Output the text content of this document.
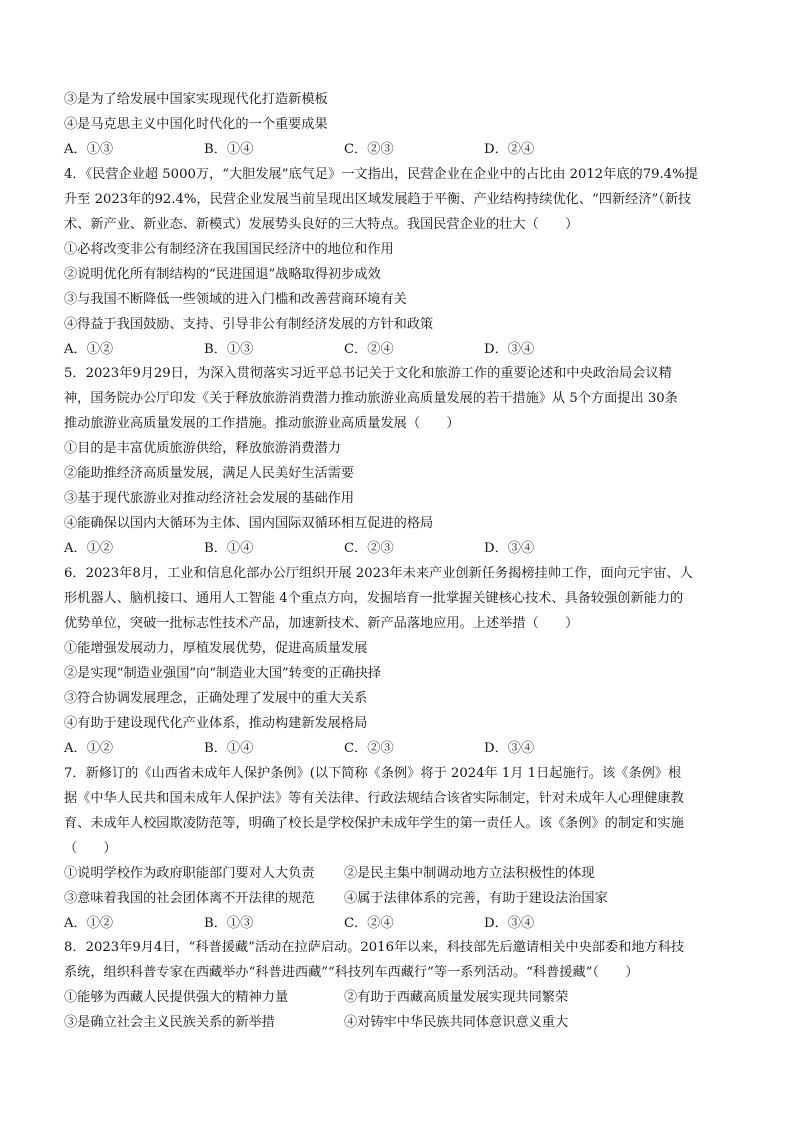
③是为了给发展中国家实现现代化打造新模板
④是马克思主义中国化时代化的一个重要成果
A．①③	B．①④	C．②③	D．②④
4．《民营企业超 5000万，“大胆发展”底气足》一文指出，民营企业在企业中的占比由 2012年底的79.4%提
升至 2023年的92.4%，民营企业发展当前呈现出区域发展趋于平衡、产业结构持续优化、“四新经济”（新技
术、新产业、新业态、新模式）发展势头良好的三大特点。我国民营企业的壮大（　　）
①必将改变非公有制经济在我国国民经济中的地位和作用
②说明优化所有制结构的“民进国退”战略取得初步成效
③与我国不断降低一些领域的进入门槛和改善营商环境有关
④得益于我国鼓励、支持、引导非公有制经济发展的方针和政策
A．①②	B．①③	C．②④	D．③④
5．2023年9月29日，为深入贯彻落实习近平总书记关于文化和旅游工作的重要论述和中央政治局会议精
神，国务院办公厅印发《关于释放旅游消费潜力推动旅游业高质量发展的若干措施》从 5个方面提出 30条
推动旅游业高质量发展的工作措施。推动旅游业高质量发展（　　）
①目的是丰富优质旅游供给，释放旅游消费潜力
②能助推经济高质量发展，满足人民美好生活需要
③基于现代旅游业对推动经济社会发展的基础作用
④能确保以国内大循环为主体、国内国际双循环相互促进的格局
A．①②	B．①④	C．②③	D．③④
6．2023年8月，工业和信息化部办公厅组织开展 2023年未来产业创新任务揭榜挂帅工作，面向元宇宙、人
形机器人、脑机接口、通用人工智能 4个重点方向，发掘培育一批掌握关键核心技术、具备较强创新能力的
优势单位，突破一批标志性技术产品，加速新技术、新产品落地应用。上述举措（　　）
①能增强发展动力，厚植发展优势，促进高质量发展
②是实现“制造业强国”向“制造业大国”转变的正确抉择
③符合协调发展理念，正确处理了发展中的重大关系
④有助于建设现代化产业体系，推动构建新发展格局
A．①②	B．①④	C．②③	D．③④
7．新修订的《山西省未成年人保护条例》(以下简称《条例》将于 2024年 1月 1日起施行。该《条例》根
据《中华人民共和国未成年人保护法》等有关法律、行政法规结合该省实际制定，针对未成年人心理健康教
育、未成年人校园欺凌防范等，明确了校长是学校保护未成年学生的第一责任人。该《条例》的制定和实施
（　　）
①说明学校作为政府职能部门要对人大负责 ②是民主集中制调动地方立法积极性的体现
③意味着我国的社会团体离不开法律的规范 ④属于法律体系的完善，有助于建设法治国家
A．①②	B．①③	C．②④	D．③④
8．2023年9月4日，“科普援藏”活动在拉萨启动。2016年以来，科技部先后邀请相关中央部委和地方科技
系统，组织科普专家在西藏举办“科普进西藏”“科技列车西藏行”等一系列活动。“科普援藏”（　　）
①能够为西藏人民提供强大的精神力量	②有助于西藏高质量发展实现共同繁荣
③是确立社会主义民族关系的新举措	④对铸牢中华民族共同体意识意义重大
